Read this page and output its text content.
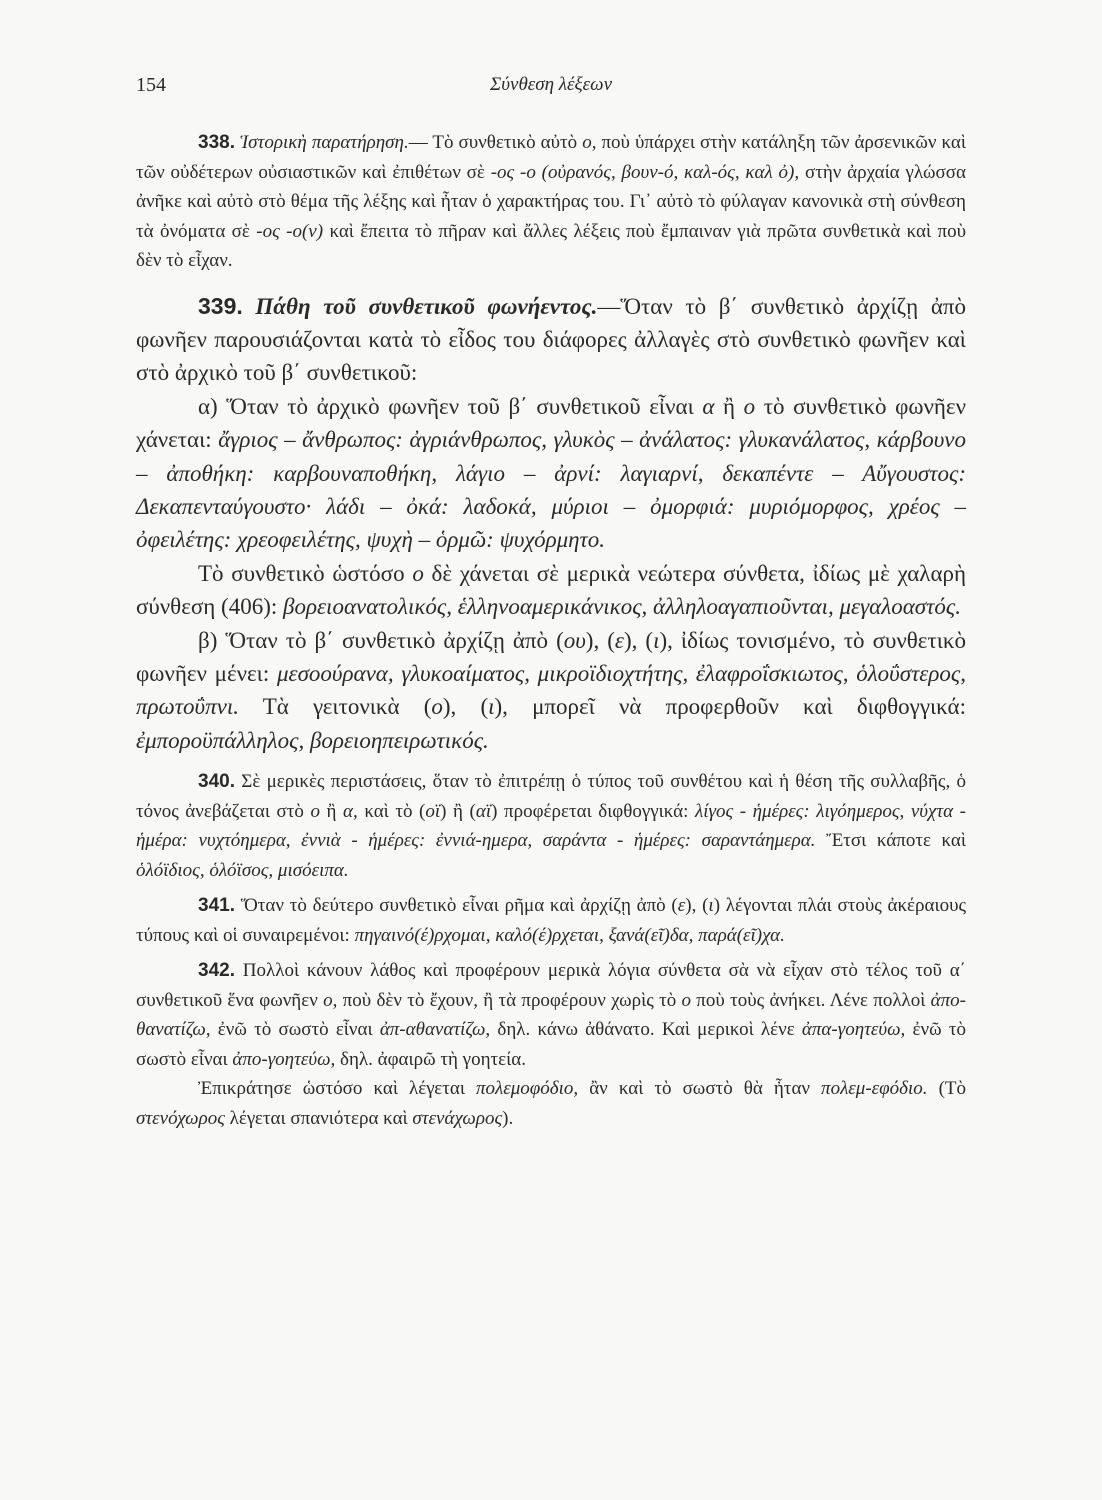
154	Σύνθεση λέξεων

338. Ἱστορικὴ παρατήρηση.— Τὸ συνθετικὸ αὐτὸ ο, ποὺ ὑπάρχει στὴν κατάληξη τῶν ἀρσενικῶν καὶ τῶν οὐδέτερων οὐσιαστικῶν καὶ ἐπιθέτων σὲ -ος -ο (οὐρανός, βουν-ό, καλ-ός, καλ ὀ), στὴν ἀρχαία γλώσσα ἀνῆκε καὶ αὐτὸ στὸ θέμα τῆς λέξης καὶ ἦταν ὁ χαρακτήρας του. Γι᾿ αὐτὸ τὸ φύλαγαν κανονικὰ στὴ σύνθεση τὰ ὀνόματα σὲ -ος -ο(ν) καὶ ἔπειτα τὸ πῆραν καὶ ἄλλες λέξεις ποὺ ἔμπαιναν γιὰ πρῶτα συνθετικὰ καὶ ποὺ δὲν τὸ εἶχαν.

339. Πάθη τοῦ συνθετικοῦ φωνήεντος.—Ὅταν τὸ β΄ συνθετικὸ ἀρχίζῃ ἀπὸ φωνῆεν παρουσιάζονται κατὰ τὸ εἶδος του διάφορες ἀλλαγὲς στὸ συνθετικὸ φωνῆεν καὶ στὸ ἀρχικὸ τοῦ β΄ συνθετικοῦ:

α) Ὅταν τὸ ἀρχικὸ φωνῆεν τοῦ β΄ συνθετικοῦ εἶναι α ἢ ο τὸ συνθετικὸ φωνῆεν χάνεται: ἄγριος – ἄνθρωπος: ἀγριάνθρωπος, γλυκὸς – ἀνάλατος: γλυκανάλατος, κάρβουνο – ἀποθήκη: καρβουναποθήκη, λάγιο – ἀρνί: λαγιαρνί, δεκαπέντε – Αὔγουστος: Δεκαπενταύγουστο· λάδι – ὀκά: λαδοκά, μύριοι – ὀμορφιά: μυριόμορφος, χρέος – ὀφειλέτης: χρεοφειλέτης, ψυχὴ – ὁρμῶ: ψυχόρμητο.

Τὸ συνθετικὸ ὡστόσο ο δὲ χάνεται σὲ μερικὰ νεώτερα σύνθετα, ἰδίως μὲ χαλαρὴ σύνθεση (406): βορειοανατολικός, ἑλληνοαμερικάνικος, ἀλληλοαγαπιοῦνται, μεγαλοαστός.

β) Ὅταν τὸ β΄ συνθετικὸ ἀρχίζῃ ἀπὸ (ου), (ε), (ι), ἰδίως τονισμένο, τὸ συνθετικὸ φωνῆεν μένει: μεσοούρανα, γλυκοαίματος, μικροϊδιοχτήτης, ἐλαφροΐσκιωτος, ὁλοΰστερος, πρωτοΰπνι. Τὰ γειτονικὰ (ο), (ι), μπορεῖ νὰ προφερθοῦν καὶ διφθογγικά: ἐμποροϋπάλληλος, βορειοηπειρωτικός.

340. Σὲ μερικὲς περιστάσεις, ὅταν τὸ ἐπιτρέπῃ ὁ τύπος τοῦ συνθέτου καὶ ἡ θέση τῆς συλλαβῆς, ὁ τόνος ἀνεβάζεται στὸ ο ἢ α, καὶ τὸ (οϊ) ἢ (αϊ) προφέρεται διφθογγικά: λίγος - ἡμέρες: λιγόημερος, νύχτα - ἡμέρα: νυχτόημερα, ἐννιὰ - ἡμέρες: ἐννιά-ημερα, σαράντα - ἡμέρες: σαραντάημερα. Ἔτσι κάποτε καὶ ὁλόϊδιος, ὁλόϊσος, μισόειπα.

341. Ὅταν τὸ δεύτερο συνθετικὸ εἶναι ρῆμα καὶ ἀρχίζῃ ἀπὸ (ε), (ι) λέγονται πλάι στοὺς ἀκέραιους τύπους καὶ οἱ συναιρεμένοι: πηγαινό(έ)ρχομαι, καλό(έ)ρχεται, ξανά(εῖ)δα, παρά(εῖ)χα.

342. Πολλοὶ κάνουν λάθος καὶ προφέρουν μερικὰ λόγια σύνθετα σὰ νὰ εἶχαν στὸ τέλος τοῦ α΄ συνθετικοῦ ἕνα φωνῆεν ο, ποὺ δὲν τὸ ἔχουν, ἢ τὰ προφέρουν χωρὶς τὸ ο ποὺ τοὺς ἀνήκει. Λένε πολλοὶ ἀπο-θανατίζω, ἐνῶ τὸ σωστὸ εἶναι ἀπ-αθανατίζω, δηλ. κάνω ἀθάνατο. Καὶ μερικοὶ λένε ἀπα-γοητεύω, ἐνῶ τὸ σωστὸ εἶναι ἀπο-γοητεύω, δηλ. ἀφαιρῶ τὴ γοητεία.

Ἐπικράτησε ὡστόσο καὶ λέγεται πολεμοφόδιο, ἂν καὶ τὸ σωστὸ θὰ ἦταν πολεμ-εφόδιο. (Τὸ στενόχωρος λέγεται σπανιότερα καὶ στενάχωρος).
